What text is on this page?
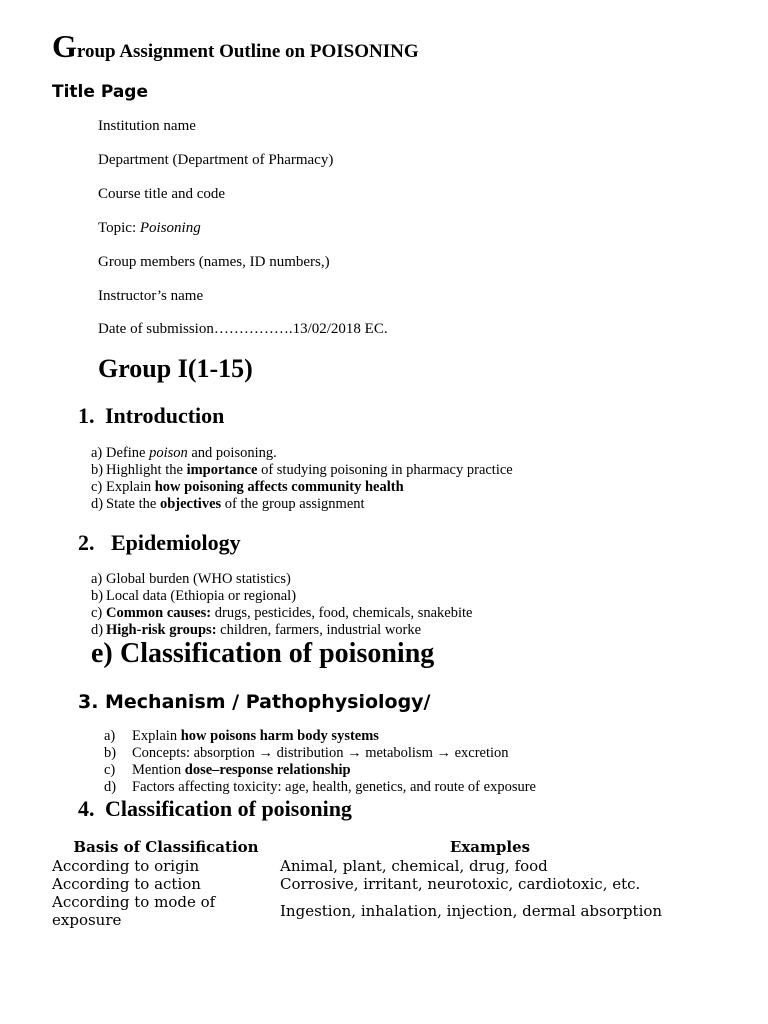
Group Assignment Outline on POISONING
Title Page
Institution name
Department (Department of Pharmacy)
Course title and code
Topic: Poisoning
Group members (names, ID numbers,)
Instructor’s name
Date of submission…………….13/02/2018 EC.
Group I(1-15)
1. Introduction
a) Define poison and poisoning.
b) Highlight the importance of studying poisoning in pharmacy practice
c) Explain how poisoning affects community health
d) State the objectives of the group assignment
2. Epidemiology
a) Global burden (WHO statistics)
b) Local data (Ethiopia or regional)
c) Common causes: drugs, pesticides, food, chemicals, snakebite
d) High-risk groups: children, farmers, industrial worke
e) Classification of poisoning
3. Mechanism / Pathophysiology/
a) Explain how poisons harm body systems
b) Concepts: absorption → distribution → metabolism → excretion
c) Mention dose–response relationship
d) Factors affecting toxicity: age, health, genetics, and route of exposure
4. Classification of poisoning
Basis of Classification	Examples
According to origin	Animal, plant, chemical, drug, food
According to action	Corrosive, irritant, neurotoxic, cardiotoxic, etc.
According to mode of exposure	Ingestion, inhalation, injection, dermal absorption
